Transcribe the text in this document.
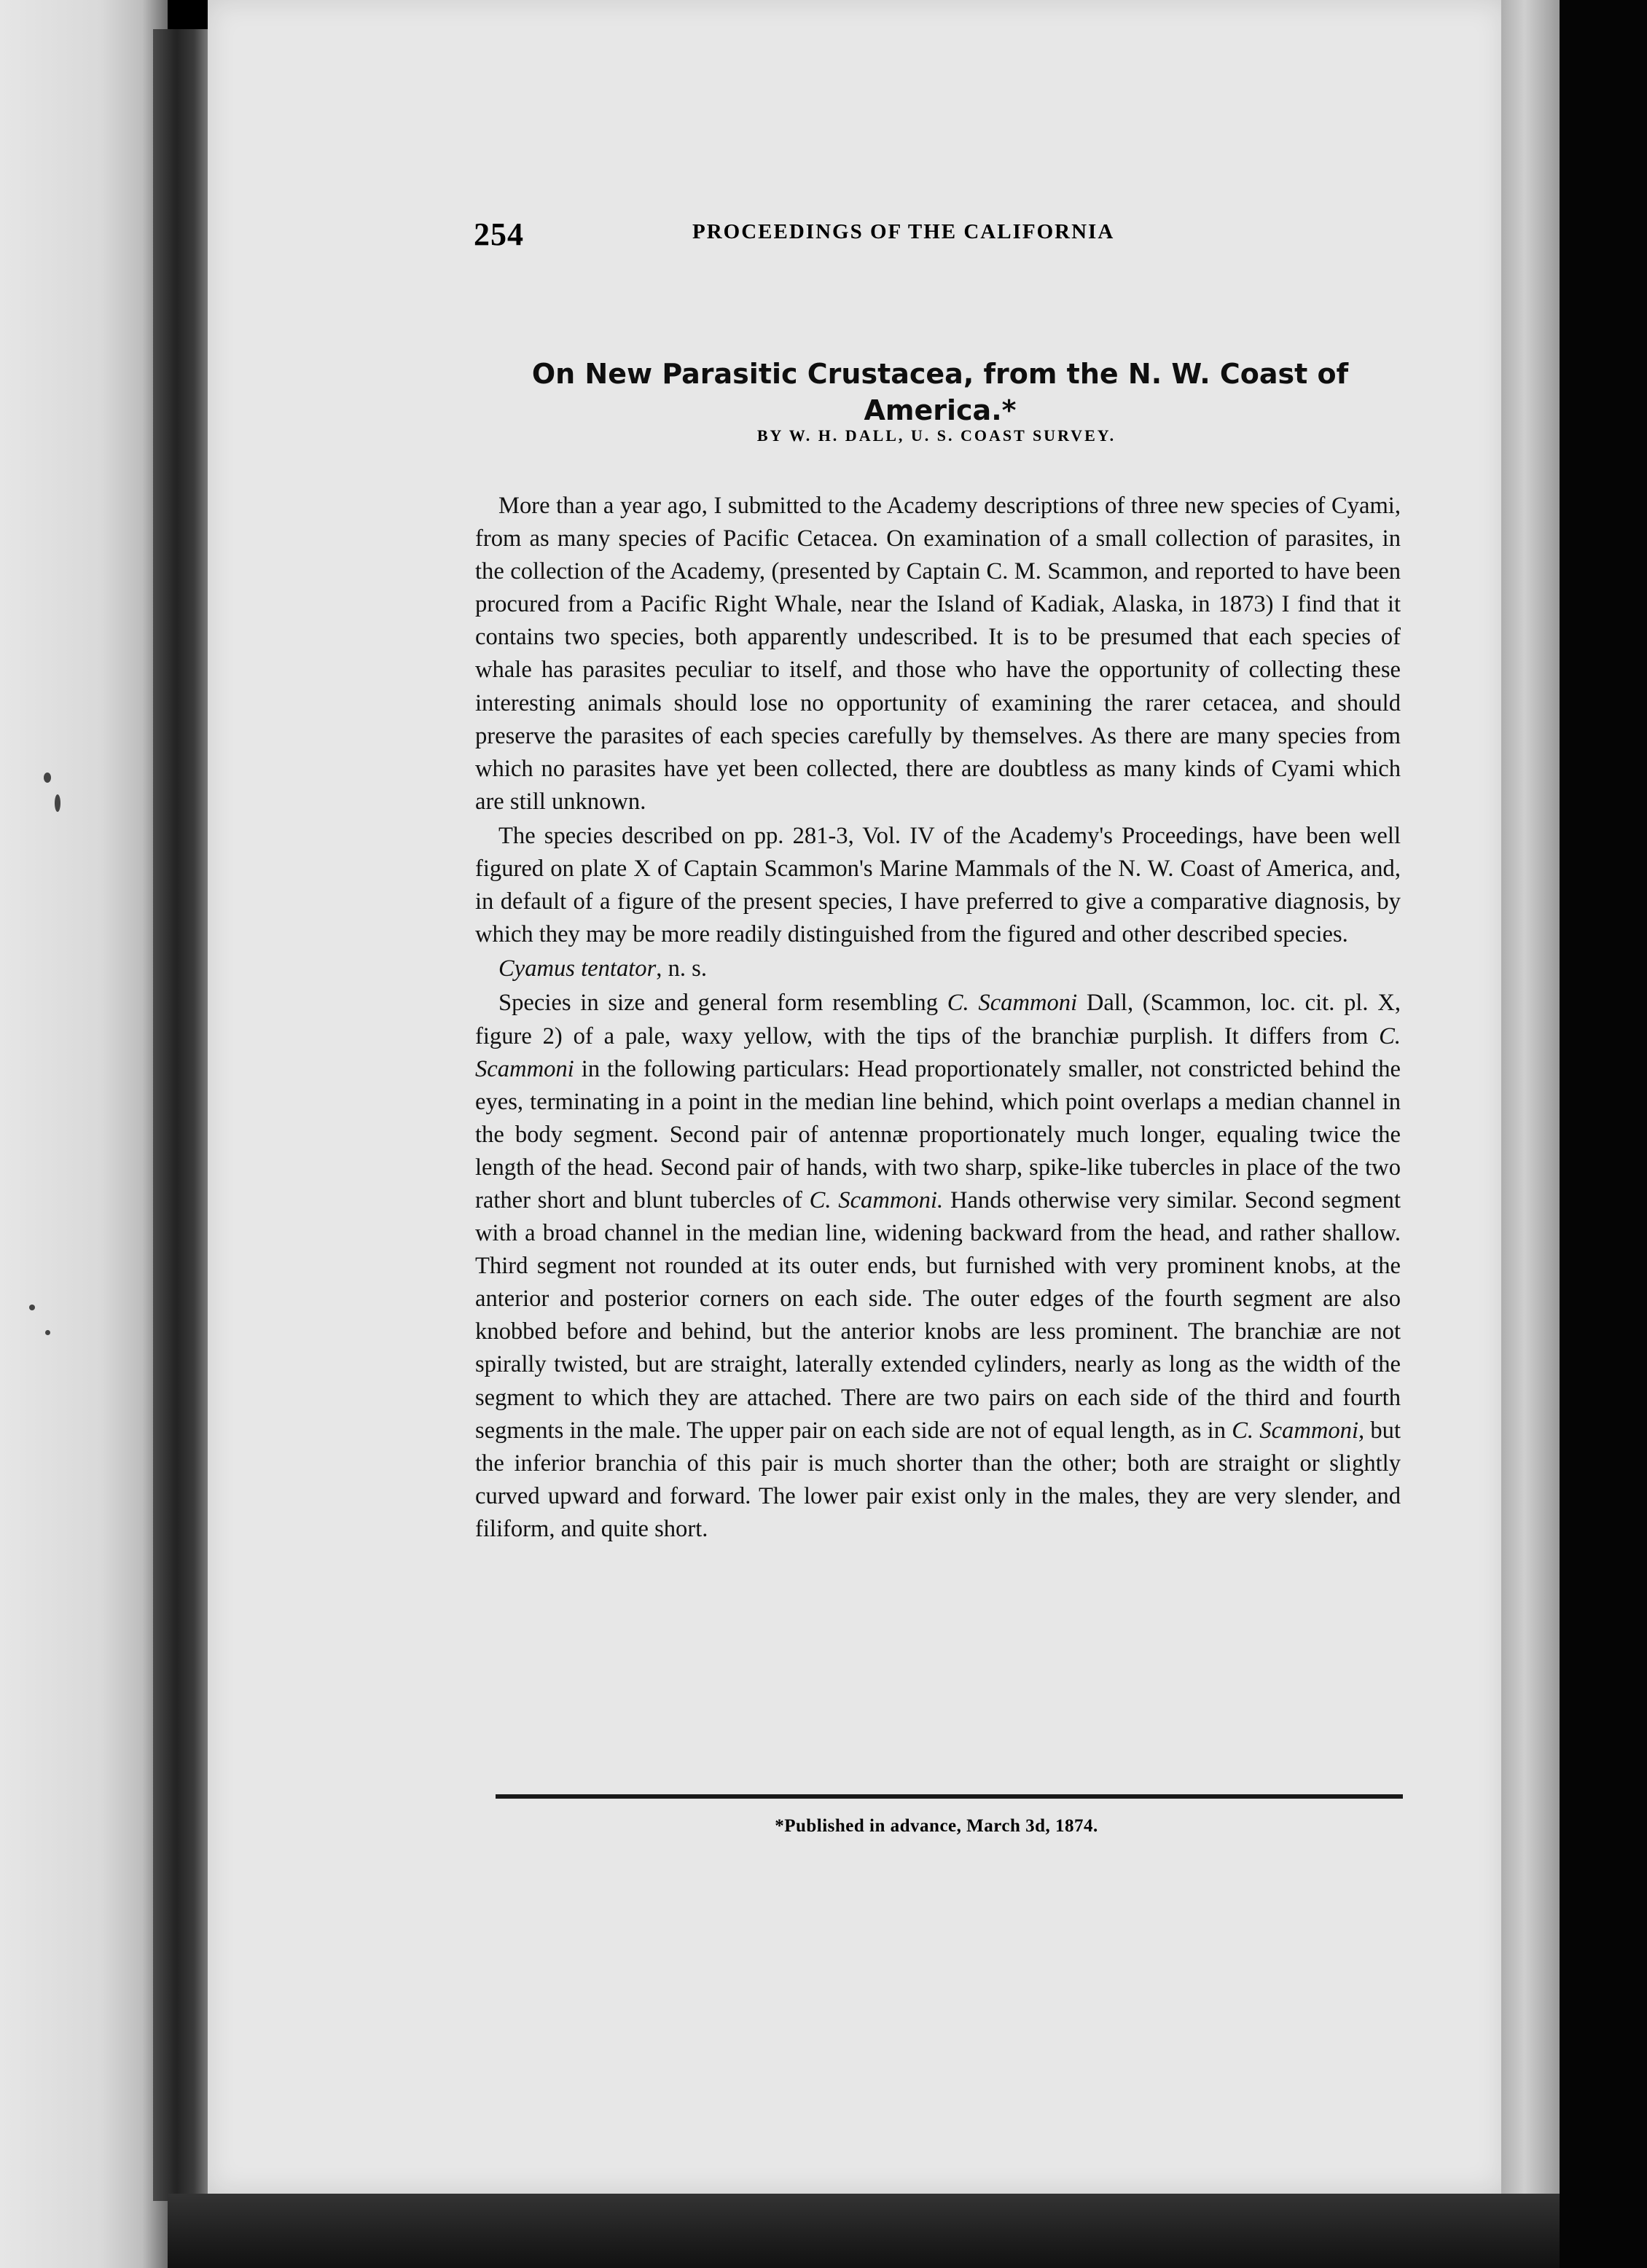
254	PROCEEDINGS OF THE CALIFORNIA
On New Parasitic Crustacea, from the N. W. Coast of
America.*
BY W. H. DALL, U. S. COAST SURVEY.

More than a year ago, I submitted to the Academy descriptions of three new species of Cyami, from as many species of Pacific Cetacea. On examination of a small collection of parasites, in the collection of the Academy, (presented by Captain C. M. Scammon, and reported to have been procured from a Pacific Right Whale, near the Island of Kadiak, Alaska, in 1873) I find that it contains two species, both apparently undescribed. It is to be presumed that each species of whale has parasites peculiar to itself, and those who have the opportunity of collecting these interesting animals should lose no opportunity of examining the rarer cetacea, and should preserve the parasites of each species carefully by themselves. As there are many species from which no parasites have yet been collected, there are doubtless as many kinds of Cyami which are still unknown.

The species described on pp. 281-3, Vol. IV of the Academy's Proceedings, have been well figured on plate X of Captain Scammon's Marine Mammals of the N. W. Coast of America, and, in default of a figure of the present species, I have preferred to give a comparative diagnosis, by which they may be more readily distinguished from the figured and other described species.

Cyamus tentator, n. s.

Species in size and general form resembling C. Scammoni Dall, (Scammon, loc. cit. pl. X, figure 2) of a pale, waxy yellow, with the tips of the branchiæ purplish. It differs from C. Scammoni in the following particulars: Head proportionately smaller, not constricted behind the eyes, terminating in a point in the median line behind, which point overlaps a median channel in the body segment. Second pair of antennæ proportionately much longer, equaling twice the length of the head. Second pair of hands, with two sharp, spike-like tubercles in place of the two rather short and blunt tubercles of C. Scammoni. Hands otherwise very similar. Second segment with a broad channel in the median line, widening backward from the head, and rather shallow. Third segment not rounded at its outer ends, but furnished with very prominent knobs, at the anterior and posterior corners on each side. The outer edges of the fourth segment are also knobbed before and behind, but the anterior knobs are less prominent. The branchiæ are not spirally twisted, but are straight, laterally extended cylinders, nearly as long as the width of the segment to which they are attached. There are two pairs on each side of the third and fourth segments in the male. The upper pair on each side are not of equal length, as in C. Scammoni, but the inferior branchia of this pair is much shorter than the other; both are straight or slightly curved upward and forward. The lower pair exist only in the males, they are very slender, and filiform, and quite short.

*Published in advance, March 3d, 1874.
